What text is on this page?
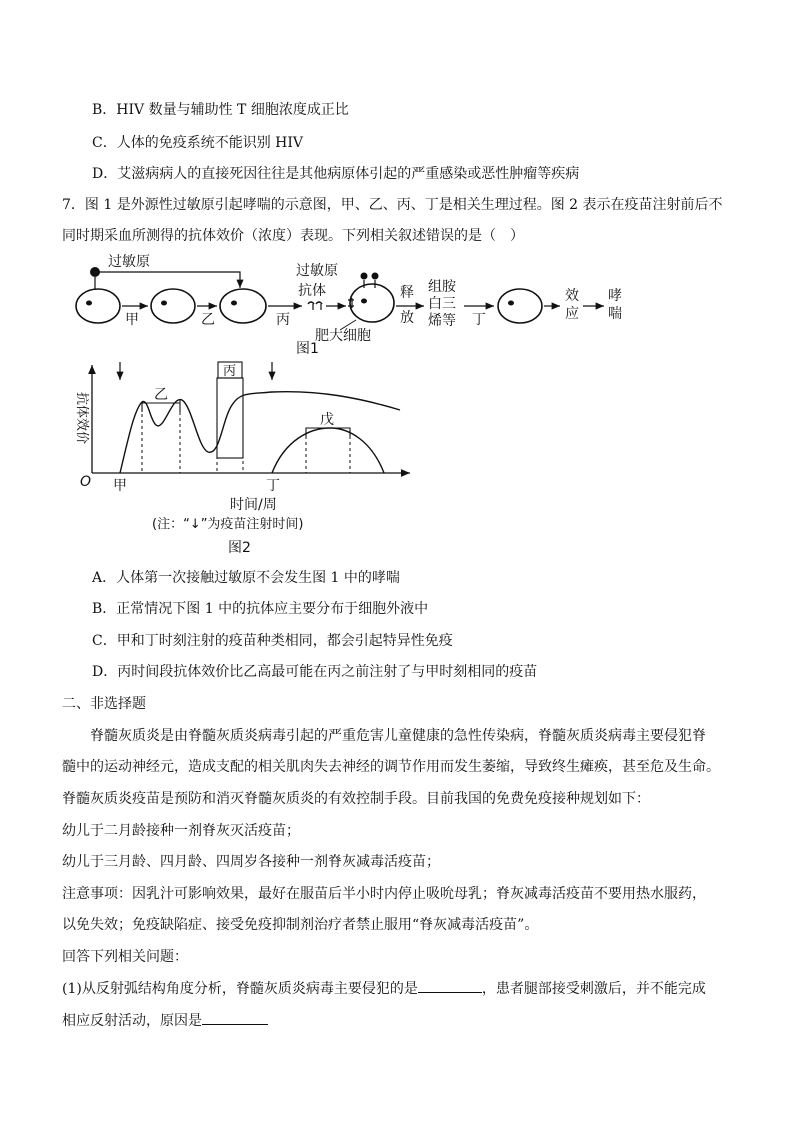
B．HIV 数量与辅助性 T 细胞浓度成正比
C．人体的免疫系统不能识别 HIV
D．艾滋病病人的直接死因往往是其他病原体引起的严重感染或恶性肿瘤等疾病
7．图 1 是外源性过敏原引起哮喘的示意图，甲、乙、丙、丁是相关生理过程。图 2 表示在疫苗注射前后不
同时期采血所测得的抗体效价（浓度）表现。下列相关叙述错误的是（　）
过敏原
甲	乙	丙
抗体
过敏原
肥大细胞
图1
释
放
组胺
白三
烯等 丁
效
应
哮
喘
O
抗体效价	乙
丙
戊
甲	丁
时间/周
(注：“↓”为疫苗注射时间)
图2
A．人体第一次接触过敏原不会发生图 1 中的哮喘
B．正常情况下图 1 中的抗体应主要分布于细胞外液中
C．甲和丁时刻注射的疫苗种类相同，都会引起特异性免疫
D．丙时间段抗体效价比乙高最可能在丙之前注射了与甲时刻相同的疫苗
二、非选择题
脊髓灰质炎是由脊髓灰质炎病毒引起的严重危害儿童健康的急性传染病，脊髓灰质炎病毒主要侵犯脊
髓中的运动神经元，造成支配的相关肌肉失去神经的调节作用而发生萎缩，导致终生瘫痪，甚至危及生命。
脊髓灰质炎疫苗是预防和消灭脊髓灰质炎的有效控制手段。目前我国的免费免疫接种规划如下：
幼儿于二月龄接种一剂脊灰灭活疫苗；
幼儿于三月龄、四月龄、四周岁各接种一剂脊灰减毒活疫苗；
注意事项：因乳汁可影响效果，最好在服苗后半小时内停止吸吮母乳；脊灰减毒活疫苗不要用热水服药，
以免失效；免疫缺陷症、接受免疫抑制剂治疗者禁止服用“脊灰减毒活疫苗”。
回答下列相关问题：
(1)从反射弧结构角度分析，脊髓灰质炎病毒主要侵犯的是	，患者腿部接受刺激后，并不能完成
相应反射活动，原因是
